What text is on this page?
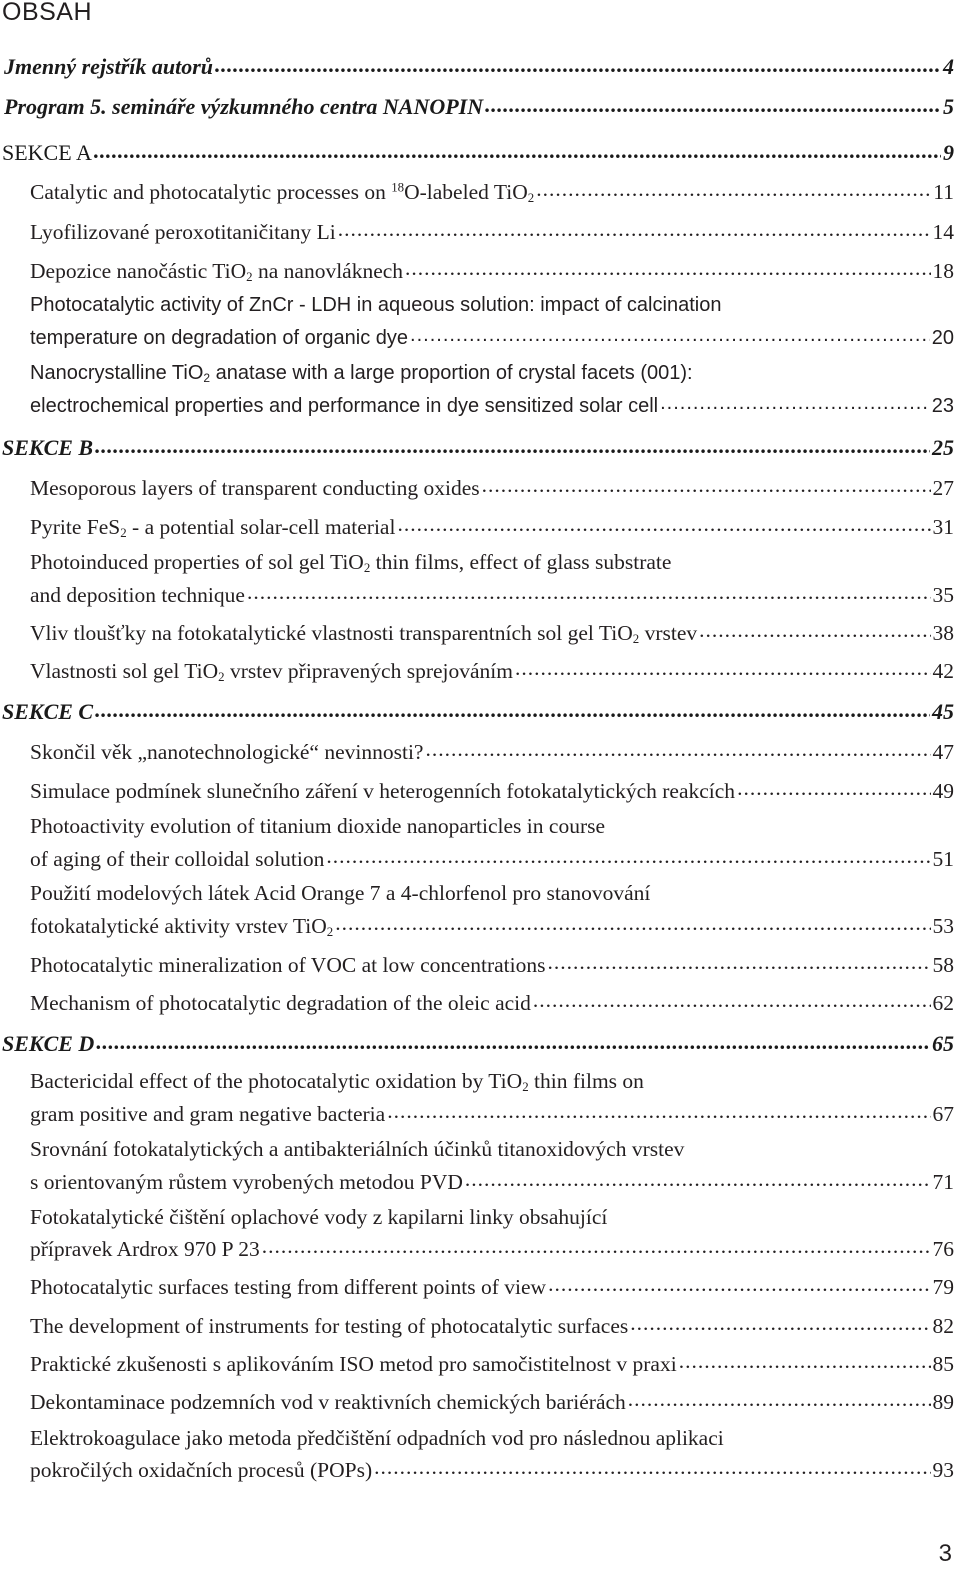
OBSAH
Jmenný rejstřík autorů .....	4
Program 5. semináře výzkumného centra NANOPIN .....	5
SEKCE A .....	9
Catalytic and photocatalytic processes on $^{18}$O-labeled TiO$_2$ .....	11
Lyofilizované peroxotitaničitany Li .....	14
Depozice nanočástic TiO$_2$ na nanovláknech .....	18
Photocatalytic activity of ZnCr - LDH in aqueous solution: impact of calcination
temperature on degradation of organic dye .....	20
Nanocrystalline TiO$_2$ anatase with a large proportion of crystal facets (001):
electrochemical properties and performance in dye sensitized solar cell .....	23
SEKCE B .....	25
Mesoporous layers of transparent conducting oxides .....	27
Pyrite FeS$_2$ - a potential solar-cell material .....	31
Photoinduced properties of sol gel TiO$_2$ thin films, effect of glass substrate
and deposition technique .....	35
Vliv tloušťky na fotokatalytické vlastnosti transparentních sol gel TiO$_2$ vrstev .....	38
Vlastnosti sol gel TiO$_2$ vrstev připravených sprejováním .....	42
SEKCE C .....	45
Skončil věk „nanotechnologické“ nevinnosti? .....	47
Simulace podmínek slunečního záření v heterogenních fotokatalytických reakcích .....	49
Photoactivity evolution of titanium dioxide nanoparticles in course
of aging of their colloidal solution .....	51
Použití modelových látek Acid Orange 7 a 4-chlorfenol pro stanovování
fotokatalytické aktivity vrstev TiO$_2$ .....	53
Photocatalytic mineralization of VOC at low concentrations .....	58
Mechanism of photocatalytic degradation of the oleic acid .....	62
SEKCE D .....	65
Bactericidal effect of the photocatalytic oxidation by TiO$_2$ thin films on
gram positive and gram negative bacteria .....	67
Srovnání fotokatalytických a antibakteriálních účinků titanoxidových vrstev
s orientovaným růstem vyrobených metodou PVD .....	71
Fotokatalytické čištění oplachové vody z kapilarni linky obsahující
přípravek Ardrox 970 P 23 .....	76
Photocatalytic surfaces testing from different points of view .....	79
The development of instruments for testing of photocatalytic surfaces .....	82
Praktické zkušenosti s aplikováním ISO metod pro samočistitelnost v praxi .....	85
Dekontaminace podzemních vod v reaktivních chemických bariérách .....	89
Elektrokoagulace jako metoda předčištění odpadních vod pro následnou aplikaci
pokročilých oxidačních procesů (POPs) .....	93
3
